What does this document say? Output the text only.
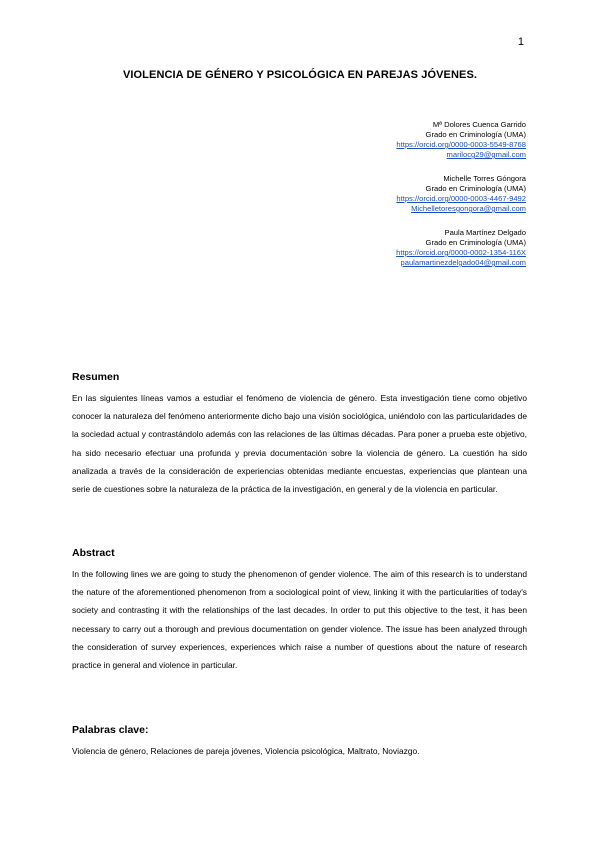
1
VIOLENCIA DE GÉNERO Y PSICOLÓGICA EN PAREJAS JÓVENES.
Mª Dolores Cuenca Garrido
Grado en Criminología (UMA)
https://orcid.org/0000-0003-5549-8768
marilocg29@gmail.com
Michelle Torres Góngora
Grado en Criminología (UMA)
https://orcid.org/0000-0003-4467-9492
Michelletoresgongora@gmail.com
Paula Martínez Delgado
Grado en Criminología (UMA)
https://orcid.org/0000-0002-1354-116X
paulamartinezdelgado04@gmail.com
Resumen

En las siguientes líneas vamos a estudiar el fenómeno de violencia de género. Esta investigación tiene como objetivo conocer la naturaleza del fenómeno anteriormente dicho bajo una visión sociológica, uniéndolo con las particularidades de la sociedad actual y contrastándolo además con las relaciones de las últimas décadas. Para poner a prueba este objetivo, ha sido necesario efectuar una profunda y previa documentación sobre la violencia de género. La cuestión ha sido analizada a través de la consideración de experiencias obtenidas mediante encuestas, experiencias que plantean una serie de cuestiones sobre la naturaleza de la práctica de la investigación, en general y de la violencia en particular.

Abstract

In the following lines we are going to study the phenomenon of gender violence. The aim of this research is to understand the nature of the aforementioned phenomenon from a sociological point of view, linking it with the particularities of today's society and contrasting it with the relationships of the last decades. In order to put this objective to the test, it has been necessary to carry out a thorough and previous documentation on gender violence. The issue has been analyzed through the consideration of survey experiences, experiences which raise a number of questions about the nature of research practice in general and violence in particular.

Palabras clave:

Violencia de género, Relaciones de pareja jóvenes, Violencia psicológica, Maltrato, Noviazgo.
